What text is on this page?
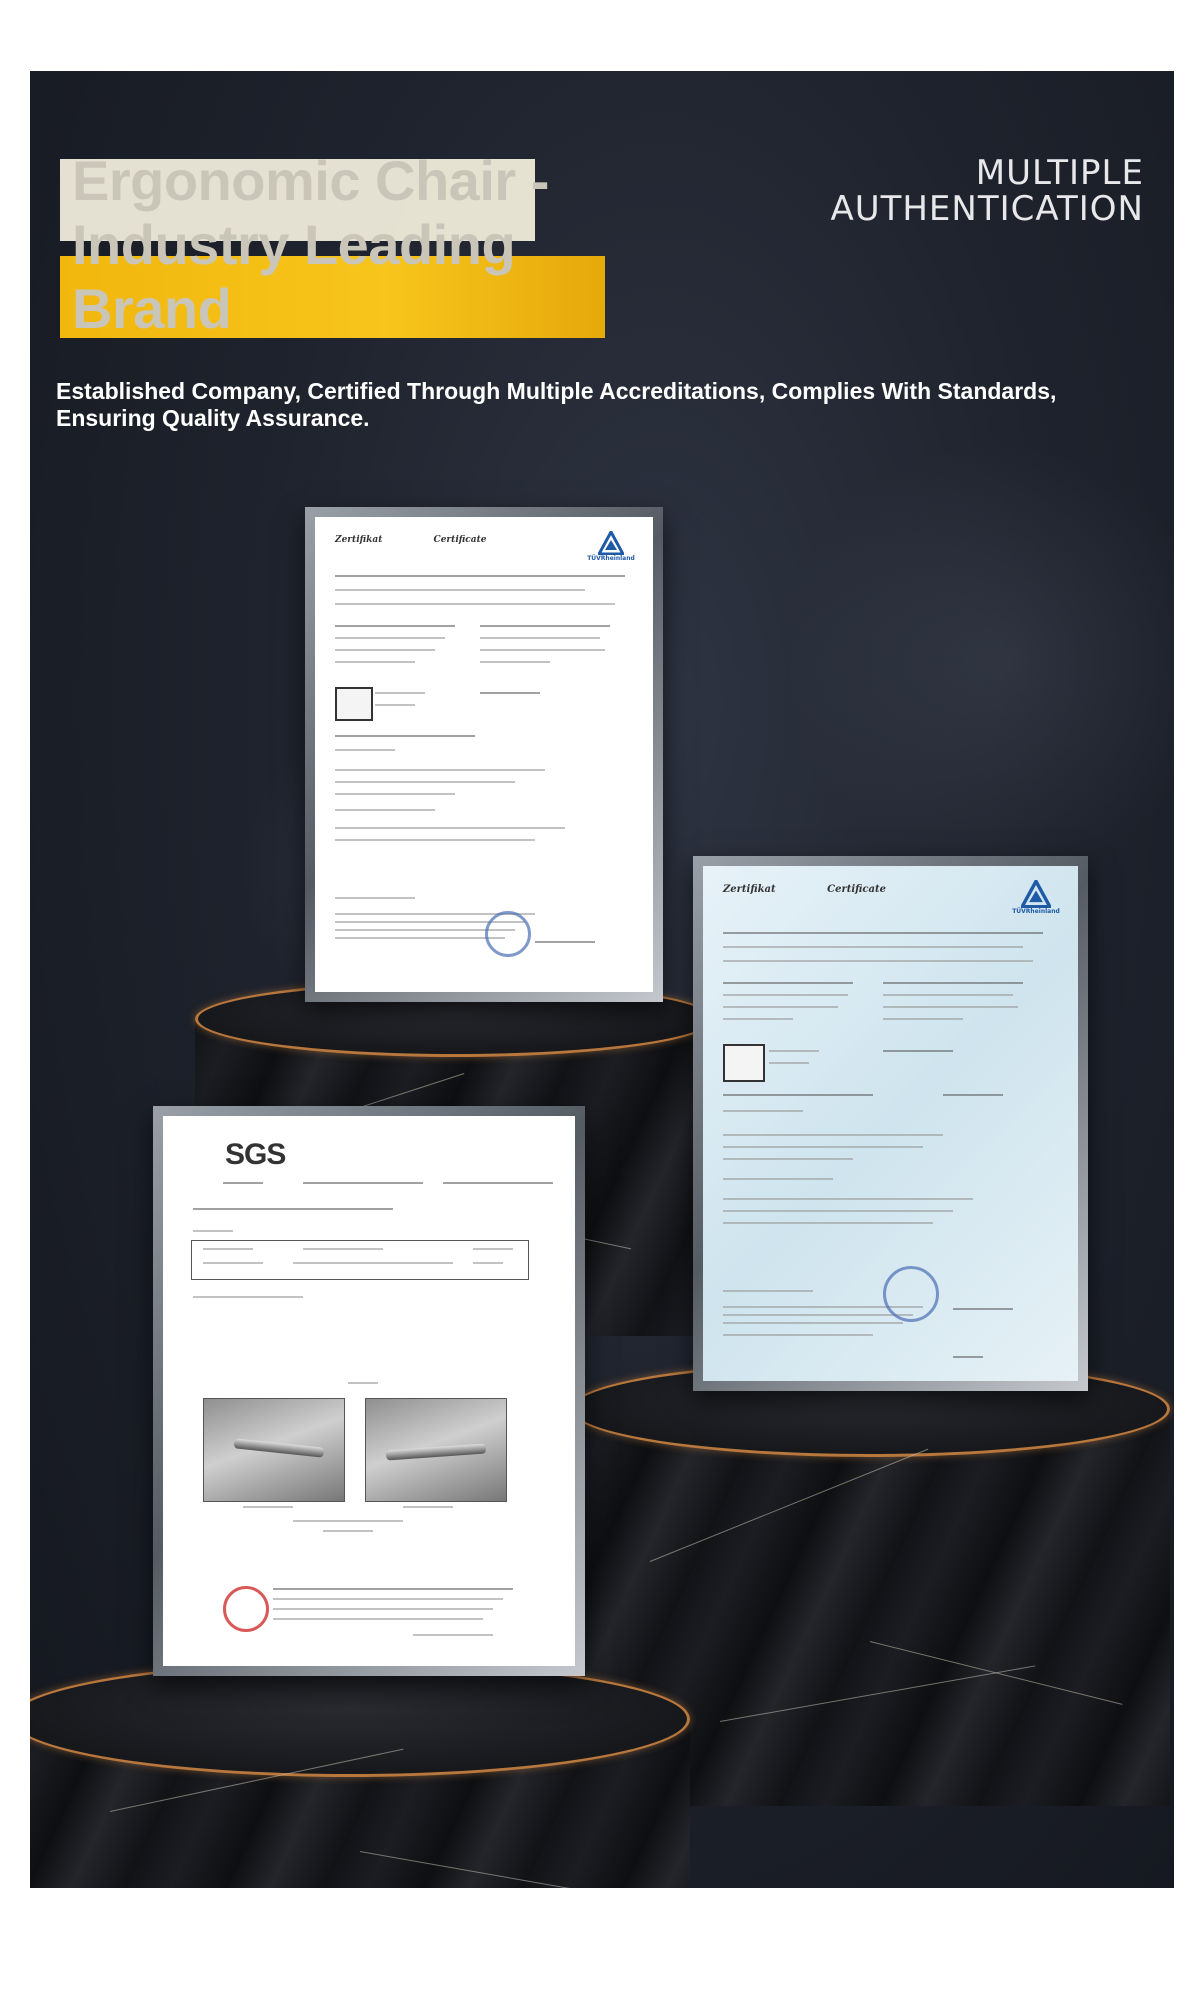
Ergonomic Chair - Industry Leading Brand
MULTIPLE
AUTHENTICATION

Established Company, Certified Through Multiple Accreditations, Complies With Standards, Ensuring Quality Assurance.

Zertifikat	Certificate
TÜVRheinland
Zertifikat	Certificate
TÜVRheinland
SGS
